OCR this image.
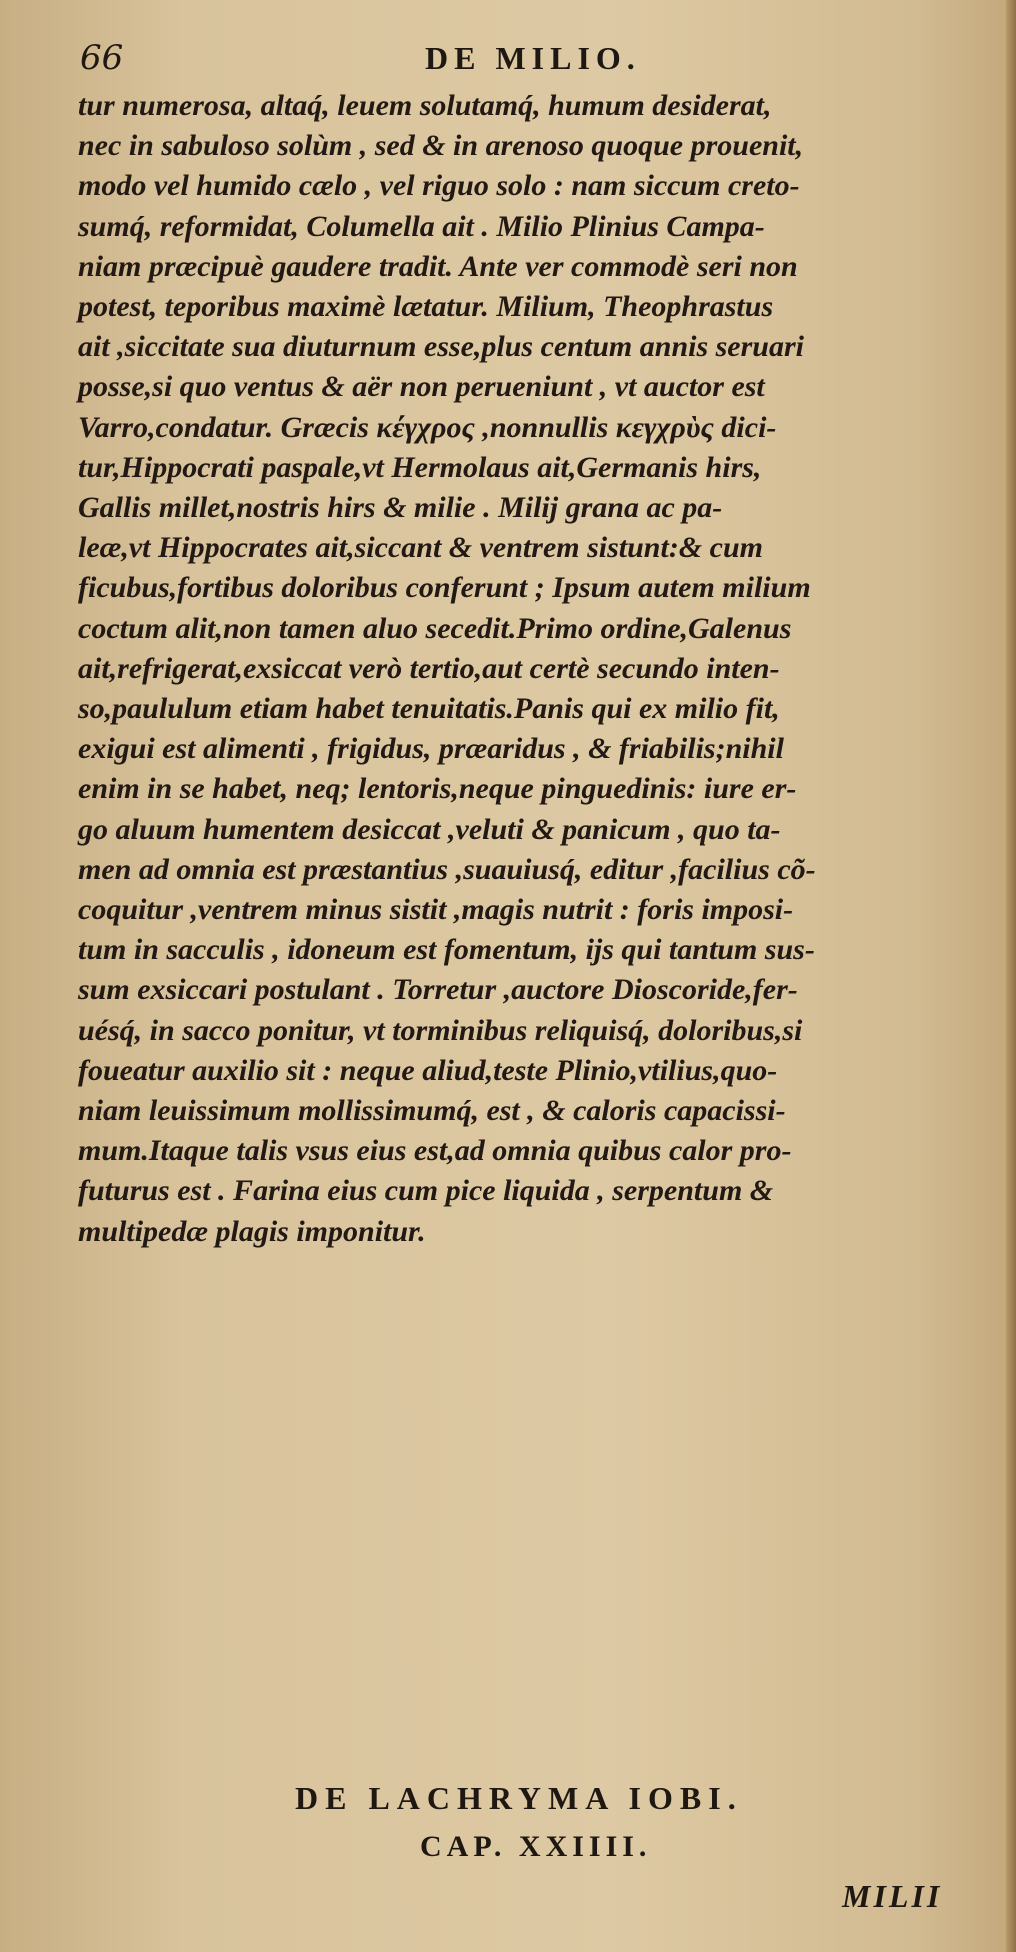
66	DE MILIO.
tur numerosa, altaq́, leuem solutamq́, humum desiderat,
nec in sabuloso solùm , sed & in arenoso quoque prouenit,
modo vel humido cælo , vel riguo solo : nam siccum creto-
sumq́, reformidat, Columella ait . Milio Plinius Campa-
niam præcipuè gaudere tradit. Ante ver commodè seri non
potest, teporibus maximè lætatur. Milium, Theophrastus
ait ,siccitate sua diuturnum esse,plus centum annis seruari
posse,si quo ventus & aër non perueniunt , vt auctor est
Varro,condatur. Græcis κέγχρος ,nonnullis κεγχρὺς dici-
tur,Hippocrati paspale,vt Hermolaus ait,Germanis hirs,
Gallis millet,nostris hirs & milie . Milij grana ac pa-
leæ,vt Hippocrates ait,siccant & ventrem sistunt:& cum
ficubus,fortibus doloribus conferunt ; Ipsum autem milium
coctum alit,non tamen aluo secedit.Primo ordine,Galenus
ait,refrigerat,exsiccat verò tertio,aut certè secundo inten-
so,paululum etiam habet tenuitatis.Panis qui ex milio fit,
exigui est alimenti , frigidus, præaridus , & friabilis;nihil
enim in se habet, neq; lentoris,neque pinguedinis: iure er-
go aluum humentem desiccat ,veluti & panicum , quo ta-
men ad omnia est præstantius ,suauiusq́, editur ,facilius cõ-
coquitur ,ventrem minus sistit ,magis nutrit : foris imposi-
tum in sacculis , idoneum est fomentum, ijs qui tantum sus-
sum exsiccari postulant . Torretur ,auctore Dioscoride,fer-
uésq́, in sacco ponitur, vt torminibus reliquisq́, doloribus,si
foueatur auxilio sit : neque aliud,teste Plinio,vtilius,quo-
niam leuissimum mollissimumq́, est , & caloris capacissi-
mum.Itaque talis vsus eius est,ad omnia quibus calor pro-
futurus est . Farina eius cum pice liquida , serpentum &
multipedæ plagis imponitur.
DE LACHRYMA IOBI.
CAP. XXIIII.
MILII
